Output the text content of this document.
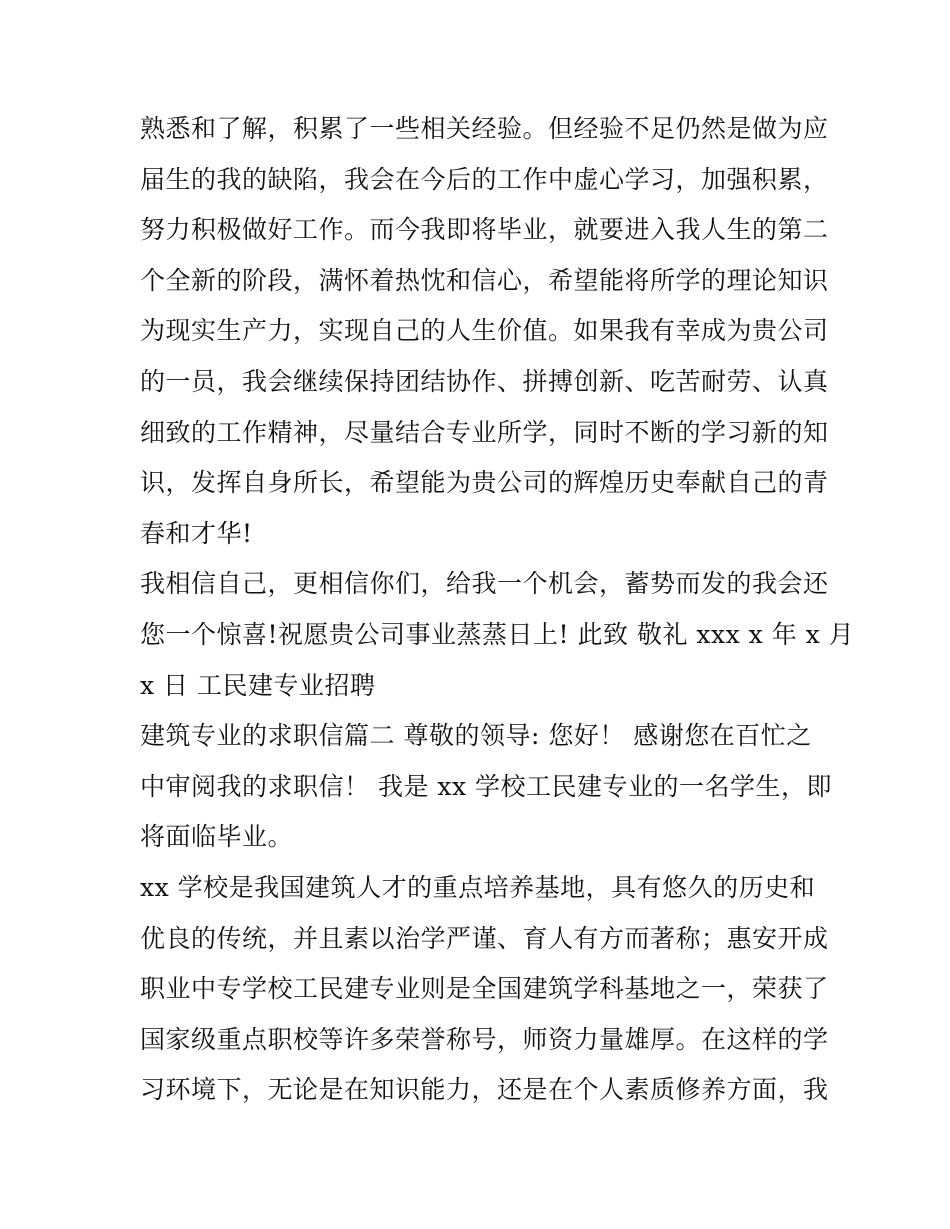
熟悉和了解，积累了一些相关经验。但经验不足仍然是做为应
届生的我的缺陷，我会在今后的工作中虚心学习，加强积累，
努力积极做好工作。而今我即将毕业，就要进入我人生的第二
个全新的阶段，满怀着热忱和信心，希望能将所学的理论知识
为现实生产力，实现自己的人生价值。如果我有幸成为贵公司
的一员，我会继续保持团结协作、拼搏创新、吃苦耐劳、认真
细致的工作精神，尽量结合专业所学，同时不断的学习新的知
识，发挥自身所长，希望能为贵公司的辉煌历史奉献自己的青
春和才华!
我相信自己，更相信你们，给我一个机会，蓄势而发的我会还
您一个惊喜!祝愿贵公司事业蒸蒸日上! 此致 敬礼 xxx x 年 x 月
x 日 工民建专业招聘
建筑专业的求职信篇二 尊敬的领导: 您好！ 感谢您在百忙之
中审阅我的求职信！ 我是 xx 学校工民建专业的一名学生，即
将面临毕业。
xx 学校是我国建筑人才的重点培养基地，具有悠久的历史和
优良的传统，并且素以治学严谨、育人有方而著称；惠安开成
职业中专学校工民建专业则是全国建筑学科基地之一，荣获了
国家级重点职校等许多荣誉称号，师资力量雄厚。在这样的学
习环境下，无论是在知识能力，还是在个人素质修养方面，我
